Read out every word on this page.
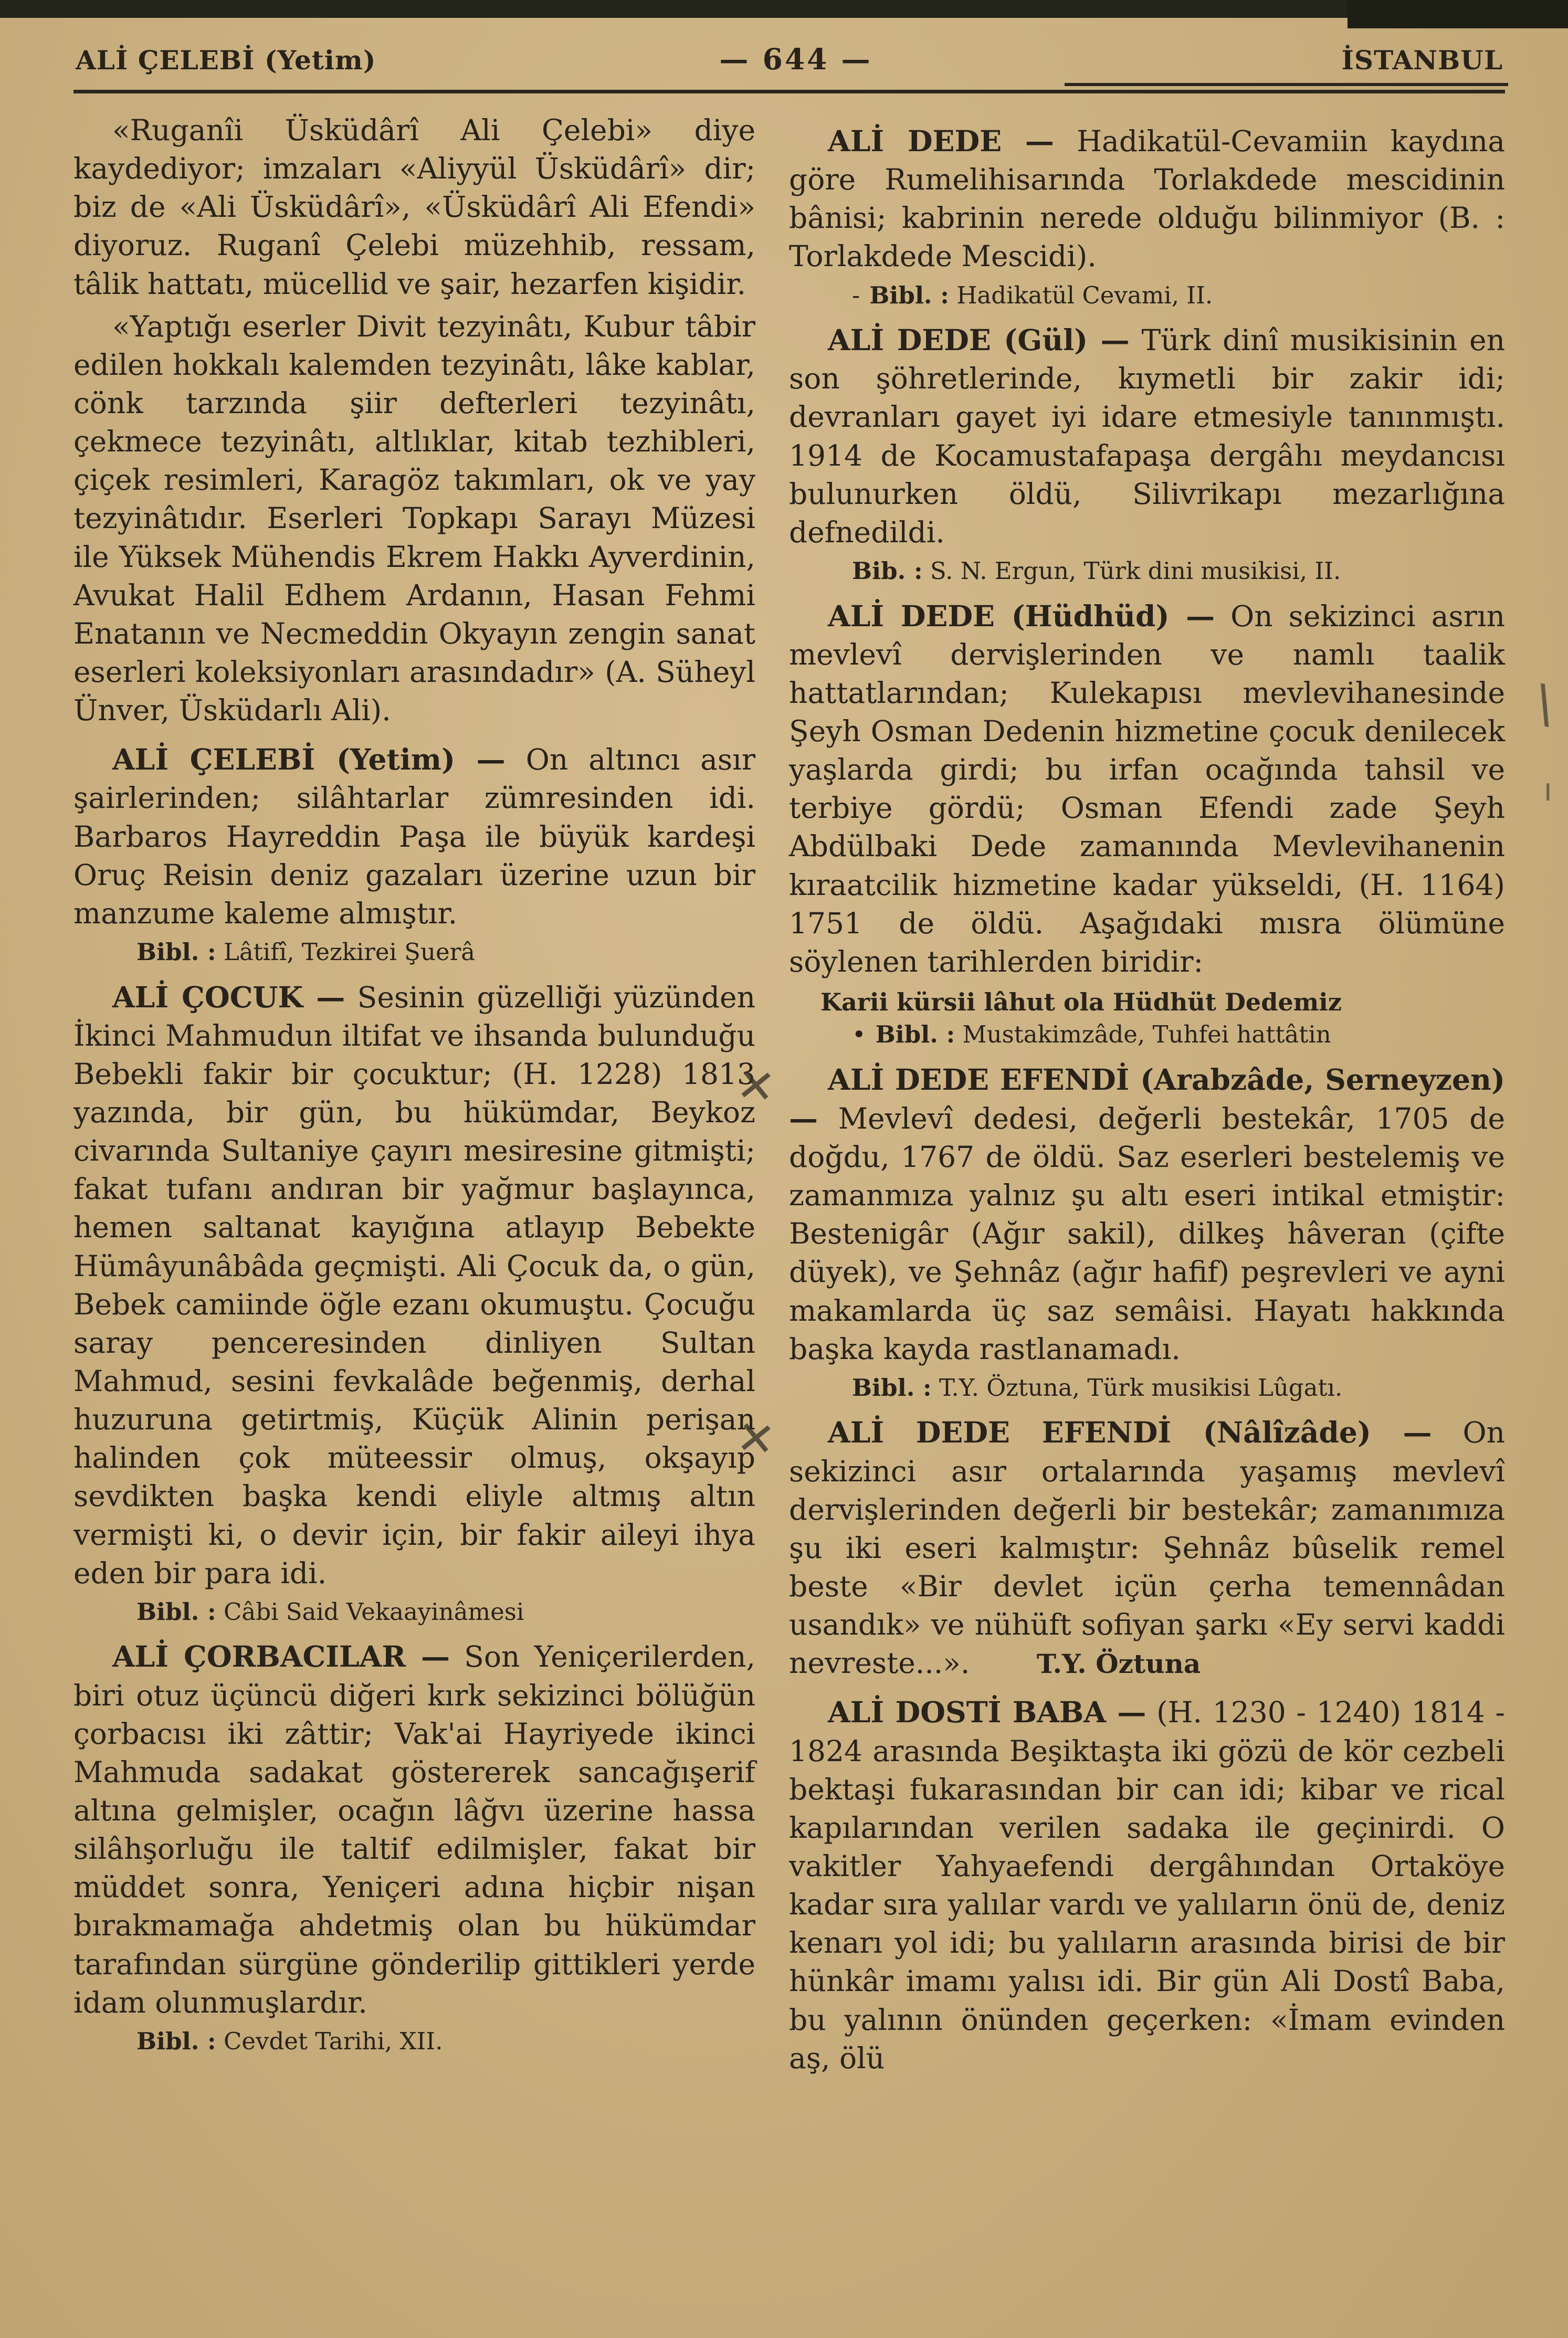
\
ı
ALİ ÇELEBİ (Yetim)	— 644 —	İSTANBUL

«Ruganîi Üsküdârî Ali Çelebi» diye kaydediyor; imzaları «Aliyyül Üsküdârî» dir; biz de «Ali Üsküdârî», «Üsküdârî Ali Efendi» diyoruz. Ruganî Çelebi müzehhib, ressam, tâlik hattatı, mücellid ve şair, hezarfen kişidir.

«Yaptığı eserler Divit tezyinâtı, Kubur tâbir edilen hokkalı kalemden tezyinâtı, lâke kablar, cönk tarzında şiir defterleri tezyinâtı, çekmece tezyinâtı, altlıklar, kitab tezhibleri, çiçek resimleri, Karagöz takımları, ok ve yay tezyinâtıdır. Eserleri Topkapı Sarayı Müzesi ile Yüksek Mühendis Ekrem Hakkı Ayverdinin, Avukat Halil Edhem Ardanın, Hasan Fehmi Enatanın ve Necmeddin Okyayın zengin sanat eserleri koleksiyonları arasındadır» (A. Süheyl Ünver, Üsküdarlı Ali).

ALİ ÇELEBİ (Yetim) — On altıncı asır şairlerinden; silâhtarlar zümresinden idi. Barbaros Hayreddin Paşa ile büyük kardeşi Oruç Reisin deniz gazaları üzerine uzun bir manzume kaleme almıştır.

Bibl. : Lâtifî, Tezkirei Şuerâ

ALİ ÇOCUK — Sesinin güzelliği yüzünden İkinci Mahmudun iltifat ve ihsanda bulunduğu Bebekli fakir bir çocuktur; (H. 1228) 1813 yazında, bir gün, bu hükümdar, Beykoz civarında Sultaniye çayırı mesiresine gitmişti; fakat tufanı andıran bir yağmur başlayınca, hemen saltanat kayığına atlayıp Bebekte Hümâyunâbâda geçmişti. Ali Çocuk da, o gün, Bebek camiinde öğle ezanı okumuştu. Çocuğu saray penceresinden dinliyen Sultan Mahmud, sesini fevkalâde beğenmiş, derhal huzuruna getirtmiş, Küçük Alinin perişan halinden çok müteessir olmuş, okşayıp sevdikten başka kendi eliyle altmış altın vermişti ki, o devir için, bir fakir aileyi ihya eden bir para idi.

Bibl. : Câbi Said Vekaayinâmesi

ALİ ÇORBACILAR — Son Yeniçerilerden, biri otuz üçüncü diğeri kırk sekizinci bölüğün çorbacısı iki zâttir; Vak'ai Hayriyede ikinci Mahmuda sadakat göstererek sancağışerif altına gelmişler, ocağın lâğvı üzerine hassa silâhşorluğu ile taltif edilmişler, fakat bir müddet sonra, Yeniçeri adına hiçbir nişan bırakmamağa ahdetmiş olan bu hükümdar tarafından sürgüne gönderilip gittikleri yerde idam olunmuşlardır.

Bibl. : Cevdet Tarihi, XII.

ALİ DEDE — Hadikatül-Cevamiin kaydına göre Rumelihisarında Torlakdede mescidinin bânisi; kabrinin nerede olduğu bilinmiyor (B. : Torlakdede Mescidi).

- Bibl. : Hadikatül Cevami, II.

ALİ DEDE (Gül) — Türk dinî musikisinin en son şöhretlerinde, kıymetli bir zakir idi; devranları gayet iyi idare etmesiyle tanınmıştı. 1914 de Kocamustafapaşa dergâhı meydancısı bulunurken öldü, Silivrikapı mezarlığına defnedildi.

Bib. : S. N. Ergun, Türk dini musikisi, II.

ALİ DEDE (Hüdhüd) — On sekizinci asrın mevlevî dervişlerinden ve namlı taalik hattatlarından; Kulekapısı mevlevihanesinde Şeyh Osman Dedenin hizmetine çocuk denilecek yaşlarda girdi; bu irfan ocağında tahsil ve terbiye gördü; Osman Efendi zade Şeyh Abdülbaki Dede zamanında Mevlevihanenin kıraatcilik hizmetine kadar yükseldi, (H. 1164) 1751 de öldü. Aşağıdaki mısra ölümüne söylenen tarihlerden biridir:

Karii kürsii lâhut ola Hüdhüt Dedemiz

• Bibl. : Mustakimzâde, Tuhfei hattâtin

✕ ALİ DEDE EFENDİ (Arabzâde, Serneyzen) — Mevlevî dedesi, değerli bestekâr, 1705 de doğdu, 1767 de öldü. Saz eserleri bestelemiş ve zamanmıza yalnız şu altı eseri intikal etmiştir: Bestenigâr (Ağır sakil), dilkeş hâveran (çifte düyek), ve Şehnâz (ağır hafif) peşrevleri ve ayni makamlarda üç saz semâisi. Hayatı hakkında başka kayda rastlanamadı.

Bibl. : T.Y. Öztuna, Türk musikisi Lûgatı.

✕ ALİ DEDE EFENDİ (Nâlîzâde) — On sekizinci asır ortalarında yaşamış mevlevî dervişlerinden değerli bir bestekâr; zamanımıza şu iki eseri kalmıştır: Şehnâz bûselik remel beste «Bir devlet içün çerha temennâdan usandık» ve nühüft sofiyan şarkı «Ey servi kaddi nevreste...».	T.Y. Öztuna

ALİ DOSTİ BABA — (H. 1230 - 1240) 1814 - 1824 arasında Beşiktaşta iki gözü de kör cezbeli bektaşi fukarasından bir can idi; kibar ve rical kapılarından verilen sadaka ile geçinirdi. O vakitler Yahyaefendi dergâhından Ortaköye kadar sıra yalılar vardı ve yalıların önü de, deniz kenarı yol idi; bu yalıların arasında birisi de bir hünkâr imamı yalısı idi. Bir gün Ali Dostî Baba, bu yalının önünden geçerken: «İmam evinden aş, ölü
